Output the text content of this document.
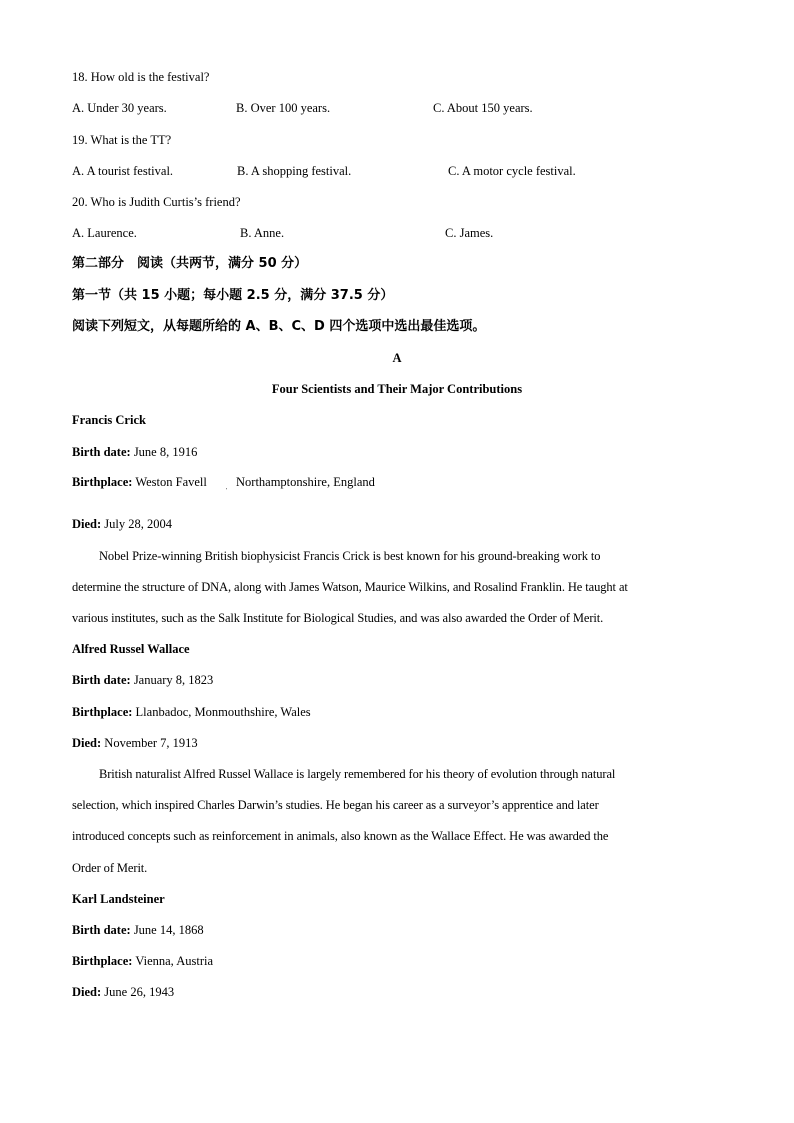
18. How old is the festival?
A. Under 30 years.	B. Over 100 years.	C. About 150 years.
19. What is the TT?
A. A tourist festival.	B. A shopping festival.	C. A motor cycle festival.
20. Who is Judith Curtis’s friend?
A. Laurence.	B. Anne.	C. James.
第二部分　阅读（共两节，满分 50 分）
第一节（共 15 小题；每小题 2.5 分，满分 37.5 分）
阅读下列短文，从每题所给的 A、B、C、D 四个选项中选出最佳选项。
A
Four Scientists and Their Major Contributions
Francis Crick
Birth date: June 8, 1916
Birthplace: Weston Favell Northamptonshire, England
'
Died: July 28, 2004
Nobel Prize-winning British biophysicist Francis Crick is best known for his ground-breaking work to
determine the structure of DNA, along with James Watson, Maurice Wilkins, and Rosalind Franklin. He taught at
various institutes, such as the Salk Institute for Biological Studies, and was also awarded the Order of Merit.
Alfred Russel Wallace
Birth date: January 8, 1823
Birthplace: Llanbadoc, Monmouthshire, Wales
Died: November 7, 1913
British naturalist Alfred Russel Wallace is largely remembered for his theory of evolution through natural
selection, which inspired Charles Darwin’s studies. He began his career as a surveyor’s apprentice and later
introduced concepts such as reinforcement in animals, also known as the Wallace Effect. He was awarded the
Order of Merit.
Karl Landsteiner
Birth date: June 14, 1868
Birthplace: Vienna, Austria
Died: June 26, 1943
